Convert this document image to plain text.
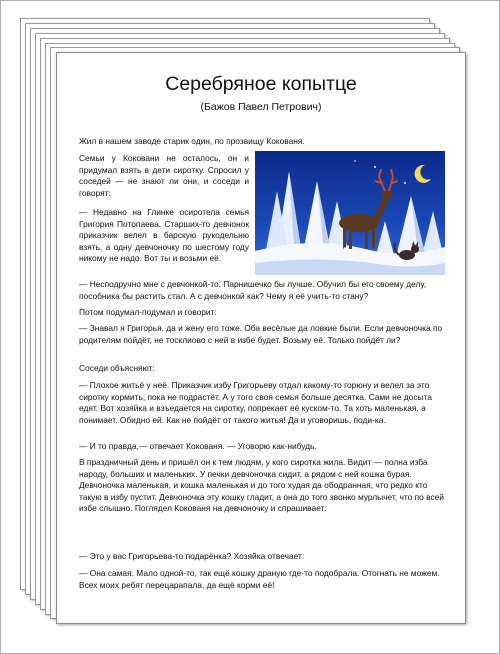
Серебряное копытце
(Бажов Павел Петрович)

Жил в нашем заводе старик один, по прозвищу Кокованя.

Семьи у Коковани не осталось, он и придумал взять в дети сиротку. Спросил у соседей — не знают ли они, и соседи и говорят:

— Недавно на Глинке осиротела семья Григория Потопаева. Старших-то девчонок приказчик велел в барскую рукодельню взять, а одну девчоночку по шестому году никому не надо. Вот ты и возьми её.

— Несподручно мне с девчонкой-то. Парнишечко бы лучше. Обучил бы его своему делу, пособника бы растить стал. А с девчонкой как? Чему я её учить-то стану?

Потом подумал-подумал и говорит:

— Знавал я Григорья, да и жену его тоже. Оба весёлые да ловкие были. Если девчоночка по родителям пойдёт, не тосклиовo с ней в избе будет. Возьму её. Только пойдёт ли?

Соседи объясняют:

— Плохое житьё у неё. Приказчик избу Григорьеву отдал какому-то горюну и велел за это сиротку кормить, пока не подрастёт. А у того своя семья больше десятка. Сами не досыта едят. Вот хозяйка и взъедается на сиротку, попрекает её куском-то. Та хоть маленькая, а понимает. Обидно ей. Как не пойдёт от такого житья! Да и уговоришь, поди-ка.

— И то правда,— отвечает Кокованя. — Уговорю как-нибудь.

В праздничный день и пришёл он к тем людям, у кого сиротка жила. Видит — полна изба народу, больших и маленьких. У печки девчоночка сидит, а рядом с ней кошка бурая. Девчоночка маленькая, и кошка маленькая и до того худая да ободранная, что редко кто такую в избу пустит. Девчоночка эту кошку гладит, а она до того звонко мурлычет, что по всей избе слышно. Поглядел Кокованя на девчоночку и спрашивает:

— Это у вас Григорьева-то подарёнка? Хозяйка отвечает:

— Она самая. Мало одной-то, так ещё кошку драную где-то подобрала. Отогнать не можем. Всех моих ребят перецарапала, да ещё корми её!
